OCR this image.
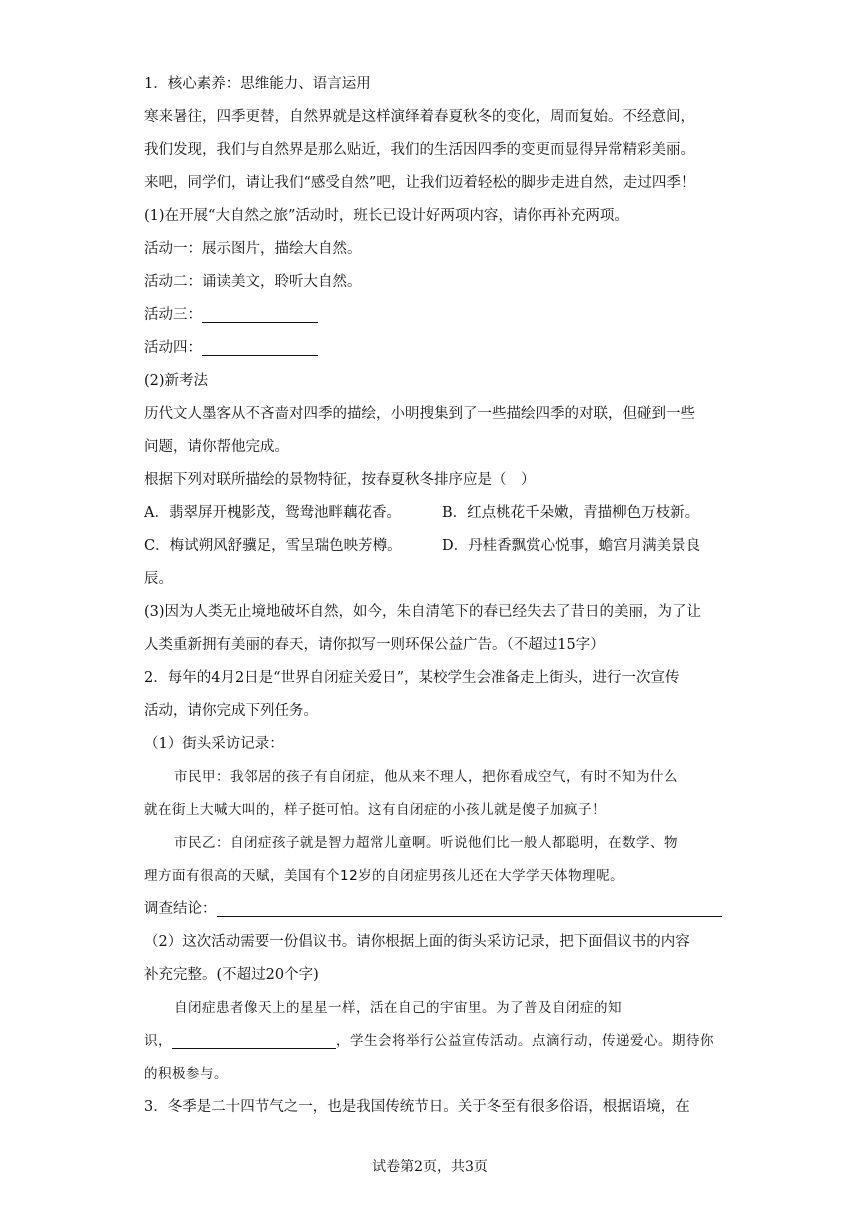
1．核心素养：思维能力、语言运用

寒来暑往，四季更替，自然界就是这样演绎着春夏秋冬的变化，周而复始。不经意间，

我们发现，我们与自然界是那么贴近，我们的生活因四季的变更而显得异常精彩美丽。

来吧，同学们，请让我们“感受自然”吧，让我们迈着轻松的脚步走进自然，走过四季！

(1)在开展“大自然之旅”活动时，班长已设计好两项内容，请你再补充两项。

活动一：展示图片，描绘大自然。

活动二：诵读美文，聆听大自然。

活动三：

活动四：

(2)新考法

历代文人墨客从不吝啬对四季的描绘，小明搜集到了一些描绘四季的对联，但碰到一些

问题，请你帮他完成。

根据下列对联所描绘的景物特征，按春夏秋冬排序应是（　）

A．翡翠屏开槐影茂，鸳鸯池畔藕花香。	B．红点桃花千朵嫩，青描柳色万枝新。
C．梅试朔风舒骥足，雪呈瑞色映芳樽。	D．丹桂香飘赏心悦事，蟾宫月满美景良

辰。

(3)因为人类无止境地破坏自然，如今，朱自清笔下的春已经失去了昔日的美丽，为了让

人类重新拥有美丽的春天，请你拟写一则环保公益广告。（不超过15字）

2．每年的4月2日是“世界自闭症关爱日”，某校学生会准备走上街头，进行一次宣传

活动，请你完成下列任务。

（1）街头采访记录：

市民甲：我邻居的孩子有自闭症，他从来不理人，把你看成空气，有时不知为什么

就在街上大喊大叫的，样子挺可怕。这有自闭症的小孩儿就是傻子加疯子！

市民乙：自闭症孩子就是智力超常儿童啊。听说他们比一般人都聪明，在数学、物

理方面有很高的天赋，美国有个12岁的自闭症男孩儿还在大学学天体物理呢。

调查结论：

（2）这次活动需要一份倡议书。请你根据上面的街头采访记录，把下面倡议书的内容

补充完整。(不超过20个字)

自闭症患者像天上的星星一样，活在自己的宇宙里。为了普及自闭症的知

识，	，学生会将举行公益宣传活动。点滴行动，传递爱心。期待你

的积极参与。

3．冬季是二十四节气之一，也是我国传统节日。关于冬至有很多俗语，根据语境，在

试卷第2页，共3页
